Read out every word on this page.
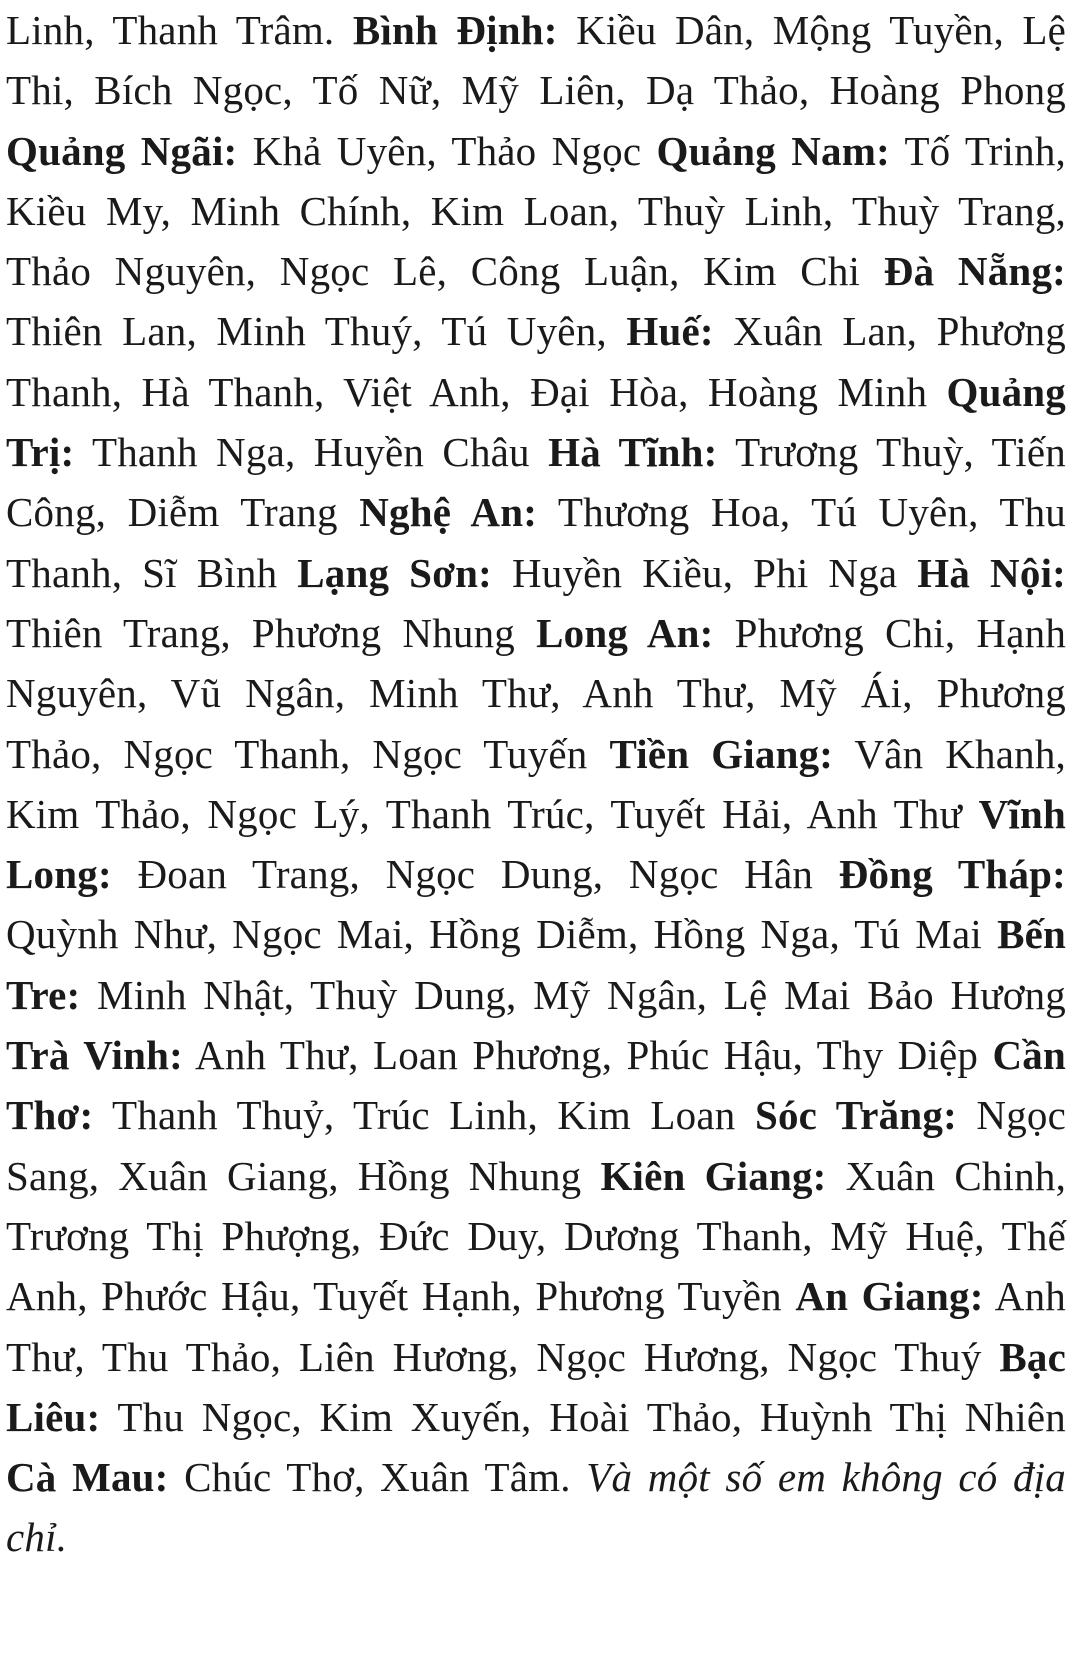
Linh, Thanh Trâm. Bình Định: Kiều Dân, Mộng Tuyền, Lệ Thi, Bích Ngọc, Tố Nữ, Mỹ Liên, Dạ Thảo, Hoàng Phong Quảng Ngãi: Khả Uyên, Thảo Ngọc Quảng Nam: Tố Trinh, Kiều My, Minh Chính, Kim Loan, Thuỳ Linh, Thuỳ Trang, Thảo Nguyên, Ngọc Lê, Công Luận, Kim Chi Đà Nẵng: Thiên Lan, Minh Thuý, Tú Uyên, Huế: Xuân Lan, Phương Thanh, Hà Thanh, Việt Anh, Đại Hòa, Hoàng Minh Quảng Trị: Thanh Nga, Huyền Châu Hà Tĩnh: Trương Thuỳ, Tiến Công, Diễm Trang Nghệ An: Thương Hoa, Tú Uyên, Thu Thanh, Sĩ Bình Lạng Sơn: Huyền Kiều, Phi Nga Hà Nội: Thiên Trang, Phương Nhung Long An: Phương Chi, Hạnh Nguyên, Vũ Ngân, Minh Thư, Anh Thư, Mỹ Ái, Phương Thảo, Ngọc Thanh, Ngọc Tuyến Tiền Giang: Vân Khanh, Kim Thảo, Ngọc Lý, Thanh Trúc, Tuyết Hải, Anh Thư Vĩnh Long: Đoan Trang, Ngọc Dung, Ngọc Hân Đồng Tháp: Quỳnh Như, Ngọc Mai, Hồng Diễm, Hồng Nga, Tú Mai Bến Tre: Minh Nhật, Thuỳ Dung, Mỹ Ngân, Lệ Mai Bảo Hương Trà Vinh: Anh Thư, Loan Phương, Phúc Hậu, Thy Diệp Cần Thơ: Thanh Thuỷ, Trúc Linh, Kim Loan Sóc Trăng: Ngọc Sang, Xuân Giang, Hồng Nhung Kiên Giang: Xuân Chinh, Trương Thị Phượng, Đức Duy, Dương Thanh, Mỹ Huệ, Thế Anh, Phước Hậu, Tuyết Hạnh, Phương Tuyền An Giang: Anh Thư, Thu Thảo, Liên Hương, Ngọc Hương, Ngọc Thuý Bạc Liêu: Thu Ngọc, Kim Xuyến, Hoài Thảo, Huỳnh Thị Nhiên Cà Mau: Chúc Thơ, Xuân Tâm. Và một số em không có địa chỉ.
